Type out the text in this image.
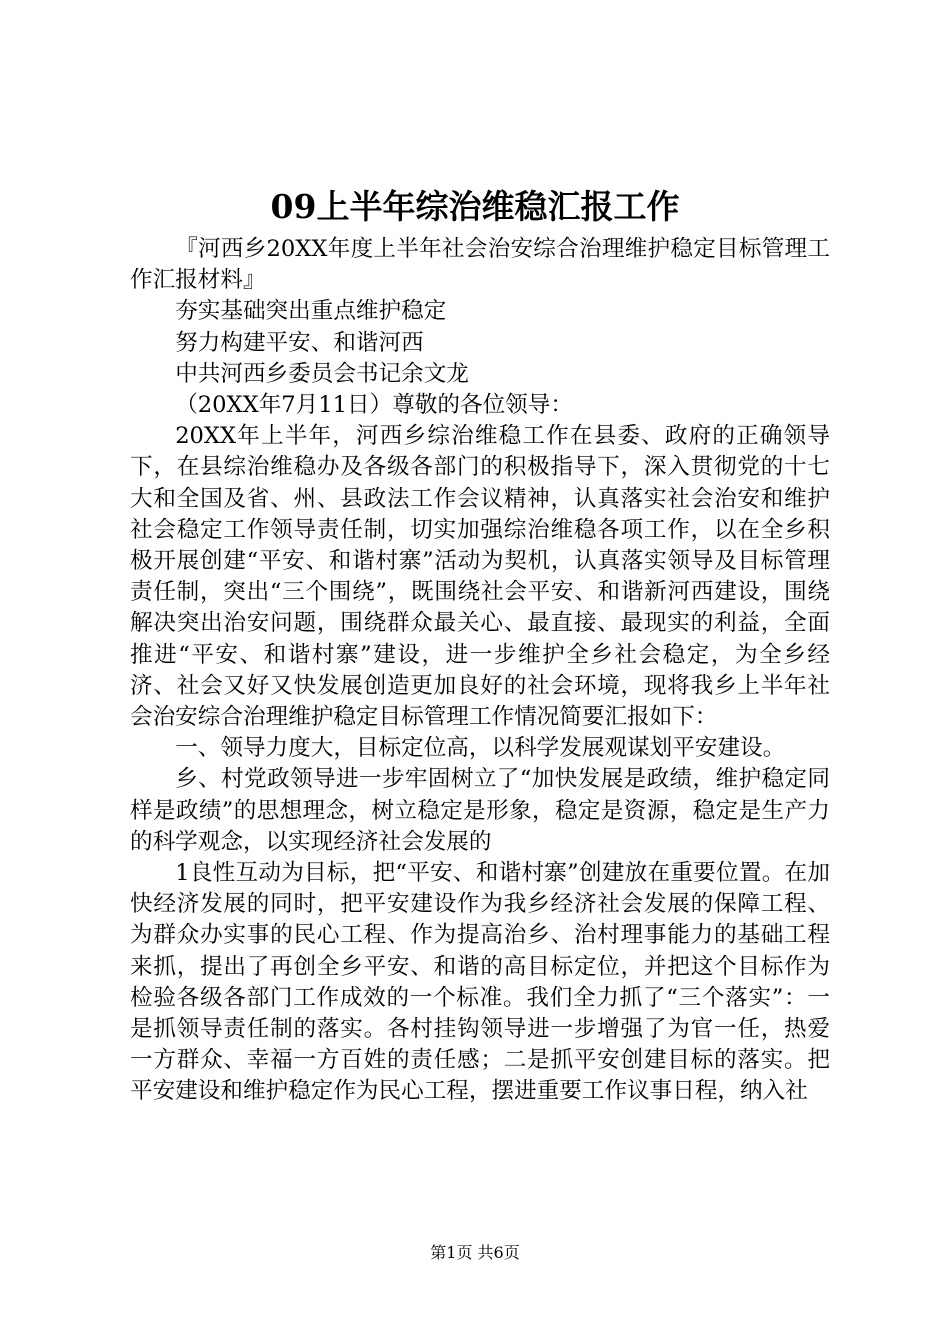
09上半年综治维稳汇报工作

『河西乡20XX年度上半年社会治安综合治理维护稳定目标管理工作汇报材料』

夯实基础突出重点维护稳定

努力构建平安、和谐河西

中共河西乡委员会书记余文龙

（20XX年7月11日）尊敬的各位领导：

20XX年上半年，河西乡综治维稳工作在县委、政府的正确领导下，在县综治维稳办及各级各部门的积极指导下，深入贯彻党的十七大和全国及省、州、县政法工作会议精神，认真落实社会治安和维护社会稳定工作领导责任制，切实加强综治维稳各项工作，以在全乡积极开展创建“平安、和谐村寨”活动为契机，认真落实领导及目标管理责任制，突出“三个围绕”，既围绕社会平安、和谐新河西建设，围绕解决突出治安问题，围绕群众最关心、最直接、最现实的利益，全面推进“平安、和谐村寨”建设，进一步维护全乡社会稳定，为全乡经济、社会又好又快发展创造更加良好的社会环境，现将我乡上半年社会治安综合治理维护稳定目标管理工作情况简要汇报如下：

一、领导力度大，目标定位高，以科学发展观谋划平安建设。

乡、村党政领导进一步牢固树立了“加快发展是政绩，维护稳定同样是政绩”的思想理念，树立稳定是形象，稳定是资源，稳定是生产力的科学观念，以实现经济社会发展的

1良性互动为目标，把“平安、和谐村寨”创建放在重要位置。在加快经济发展的同时，把平安建设作为我乡经济社会发展的保障工程、为群众办实事的民心工程、作为提高治乡、治村理事能力的基础工程来抓，提出了再创全乡平安、和谐的高目标定位，并把这个目标作为检验各级各部门工作成效的一个标准。我们全力抓了“三个落实”：一是抓领导责任制的落实。各村挂钩领导进一步增强了为官一任，热爱一方群众、幸福一方百姓的责任感；二是抓平安创建目标的落实。把平安建设和维护稳定作为民心工程，摆进重要工作议事日程，纳入社

第1页 共6页
